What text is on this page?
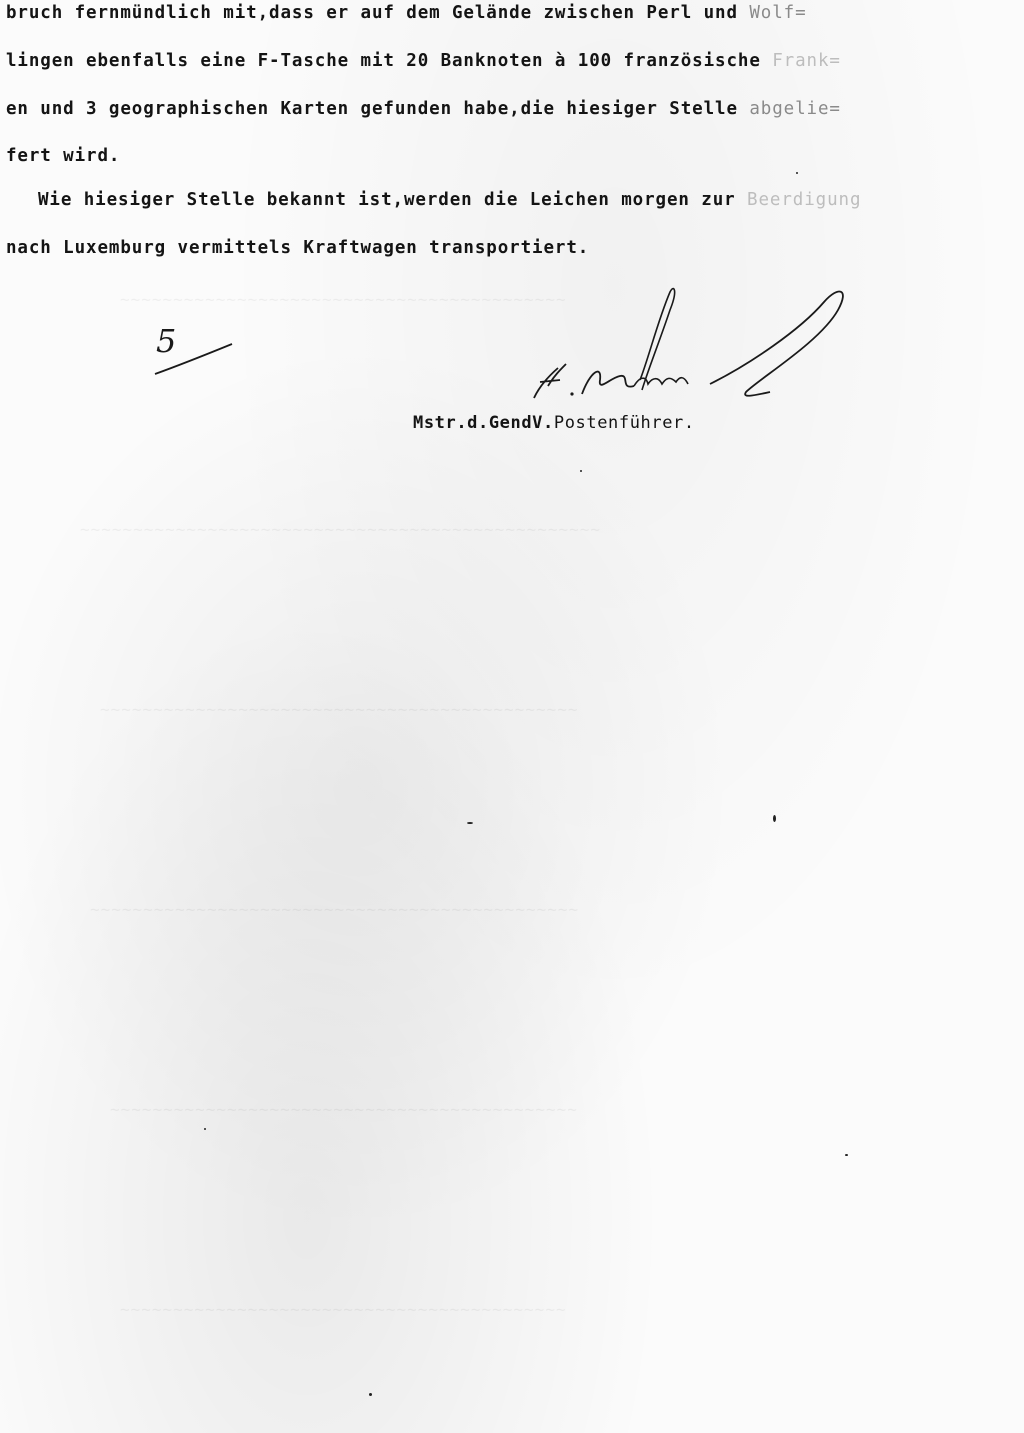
~~~~~~~~~~~~~~~~~~~~~~~~~~~~~~~~~~~~~~~~~~
~~~~~~~~~~~~~~~~~~~~~~~~~~~~~~~~~~~~~~~~~~~~~~~~~
~~~~~~~~~~~~~~~~~~~~~~~~~~~~~~~~~~~~~~~~~~~~~
~~~~~~~~~~~~~~~~~~~~~~~~~~~~~~~~~~~~~~~~~~~~~~
~~~~~~~~~~~~~~~~~~~~~~~~~~~~~~~~~~~~~~~~~~~~
~~~~~~~~~~~~~~~~~~~~~~~~~~~~~~~~~~~~~~~~~~
bruch fernmündlich mit,dass er auf dem Gelände zwischen Perl und Wolf=
lingen ebenfalls eine F-Tasche mit 20 Banknoten à 100 französische Frank=
en und 3 geographischen Karten gefunden habe,die hiesiger Stelle abgelie=
fert wird.
Wie hiesiger Stelle bekannt ist,werden die Leichen morgen zur Beerdigung
nach Luxemburg vermittels Kraftwagen transportiert.
5
Mstr.d.GendV.Postenführer.
